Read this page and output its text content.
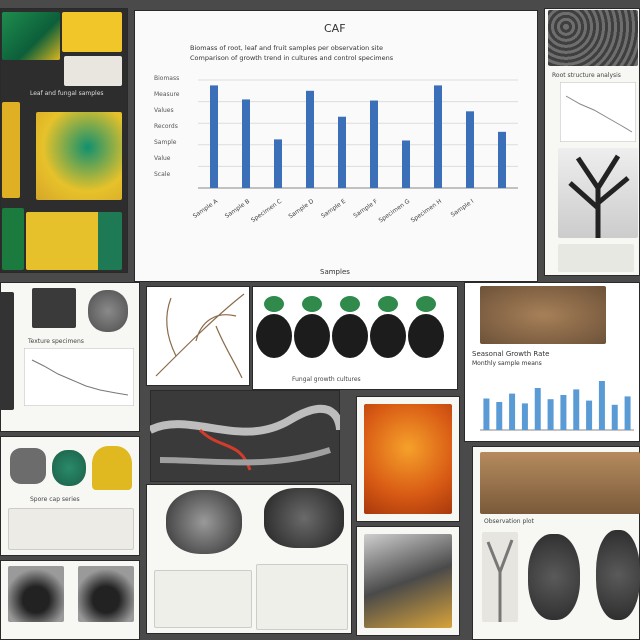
Leaf and fungal samples
Texture specimens
Spore cap series
CAF
Biomass of root, leaf and fruit samples per observation site
Comparison of growth trend in cultures and control specimens
Biomass
Measure
Values
Records
Sample
Value
Scale
Sample A Sample B
Specimen C Sample D Sample E Sample F
Specimen G
Specimen H Sample I
Samples
Root structure analysis
Fungal growth cultures
Seasonal Growth Rate
Monthly sample means
Observation plot
